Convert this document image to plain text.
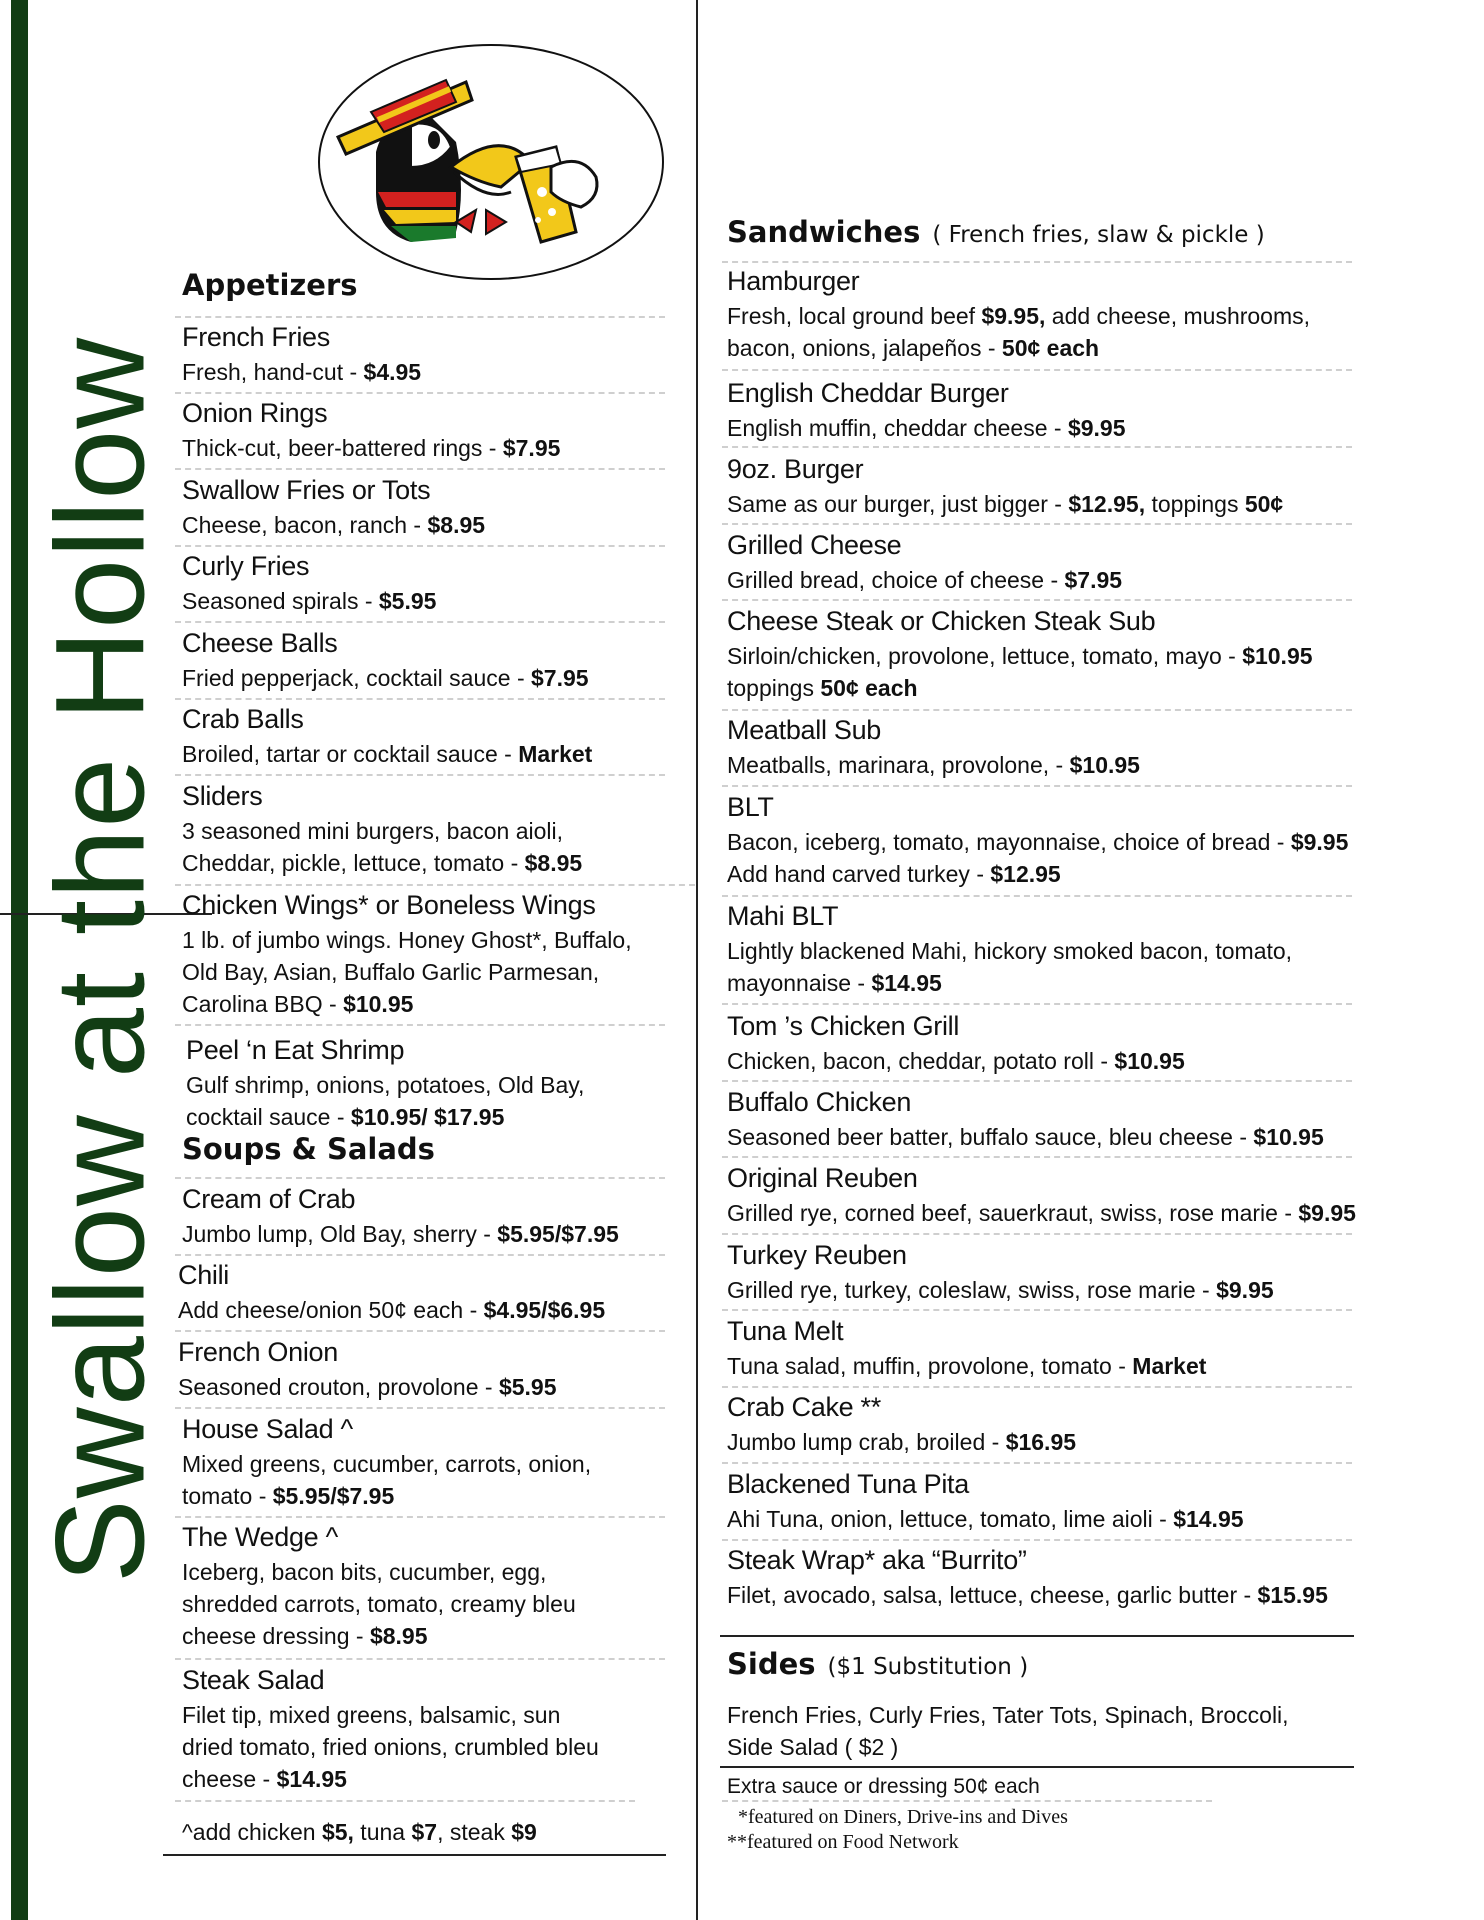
Swallow at the Hollow
Appetizers
French Fries
Fresh, hand-cut - $4.95
Onion Rings
Thick-cut, beer-battered rings - $7.95
Swallow Fries or Tots
Cheese, bacon, ranch - $8.95
Curly Fries
Seasoned spirals - $5.95
Cheese Balls
Fried pepperjack, cocktail sauce - $7.95
Crab Balls
Broiled, tartar or cocktail sauce - Market
Sliders
3 seasoned mini burgers, bacon aioli,
Cheddar, pickle, lettuce, tomato - $8.95
Chicken Wings* or Boneless Wings
1 lb. of jumbo wings. Honey Ghost*, Buffalo,
Old Bay, Asian, Buffalo Garlic Parmesan,
Carolina BBQ - $10.95
Peel ‘n Eat Shrimp
Gulf shrimp, onions, potatoes, Old Bay,
cocktail sauce - $10.95/ $17.95
Soups & Salads
Cream of Crab
Jumbo lump, Old Bay, sherry - $5.95/$7.95
Chili
Add cheese/onion 50¢ each - $4.95/$6.95
French Onion
Seasoned crouton, provolone - $5.95
House Salad ^
Mixed greens, cucumber, carrots, onion,
tomato - $5.95/$7.95
The Wedge ^
Iceberg, bacon bits, cucumber, egg,
shredded carrots, tomato, creamy bleu
cheese dressing - $8.95
Steak Salad
Filet tip, mixed greens, balsamic, sun
dried tomato, fried onions, crumbled bleu
cheese - $14.95
^add chicken $5, tuna $7, steak $9
Sandwiches ( French fries, slaw & pickle )
Hamburger
Fresh, local ground beef $9.95, add cheese, mushrooms,
bacon, onions, jalapeños - 50¢ each
English Cheddar Burger
English muffin, cheddar cheese - $9.95
9oz. Burger
Same as our burger, just bigger - $12.95, toppings 50¢
Grilled Cheese
Grilled bread, choice of cheese - $7.95
Cheese Steak or Chicken Steak Sub
Sirloin/chicken, provolone, lettuce, tomato, mayo - $10.95
toppings 50¢ each
Meatball Sub
Meatballs, marinara, provolone, - $10.95
BLT
Bacon, iceberg, tomato, mayonnaise, choice of bread - $9.95
Add hand carved turkey - $12.95
Mahi BLT
Lightly blackened Mahi, hickory smoked bacon, tomato,
mayonnaise - $14.95
Tom ’s Chicken Grill
Chicken, bacon, cheddar, potato roll - $10.95
Buffalo Chicken
Seasoned beer batter, buffalo sauce, bleu cheese - $10.95
Original Reuben
Grilled rye, corned beef, sauerkraut, swiss, rose marie - $9.95
Turkey Reuben
Grilled rye, turkey, coleslaw, swiss, rose marie - $9.95
Tuna Melt
Tuna salad, muffin, provolone, tomato - Market
Crab Cake **
Jumbo lump crab, broiled - $16.95
Blackened Tuna Pita
Ahi Tuna, onion, lettuce, tomato, lime aioli - $14.95
Steak Wrap* aka “Burrito”
Filet, avocado, salsa, lettuce, cheese, garlic butter - $15.95
Sides ($1 Substitution )
French Fries, Curly Fries, Tater Tots, Spinach, Broccoli,
Side Salad ( $2 )
Extra sauce or dressing 50¢ each
*featured on Diners, Drive-ins and Dives
**featured on Food Network
